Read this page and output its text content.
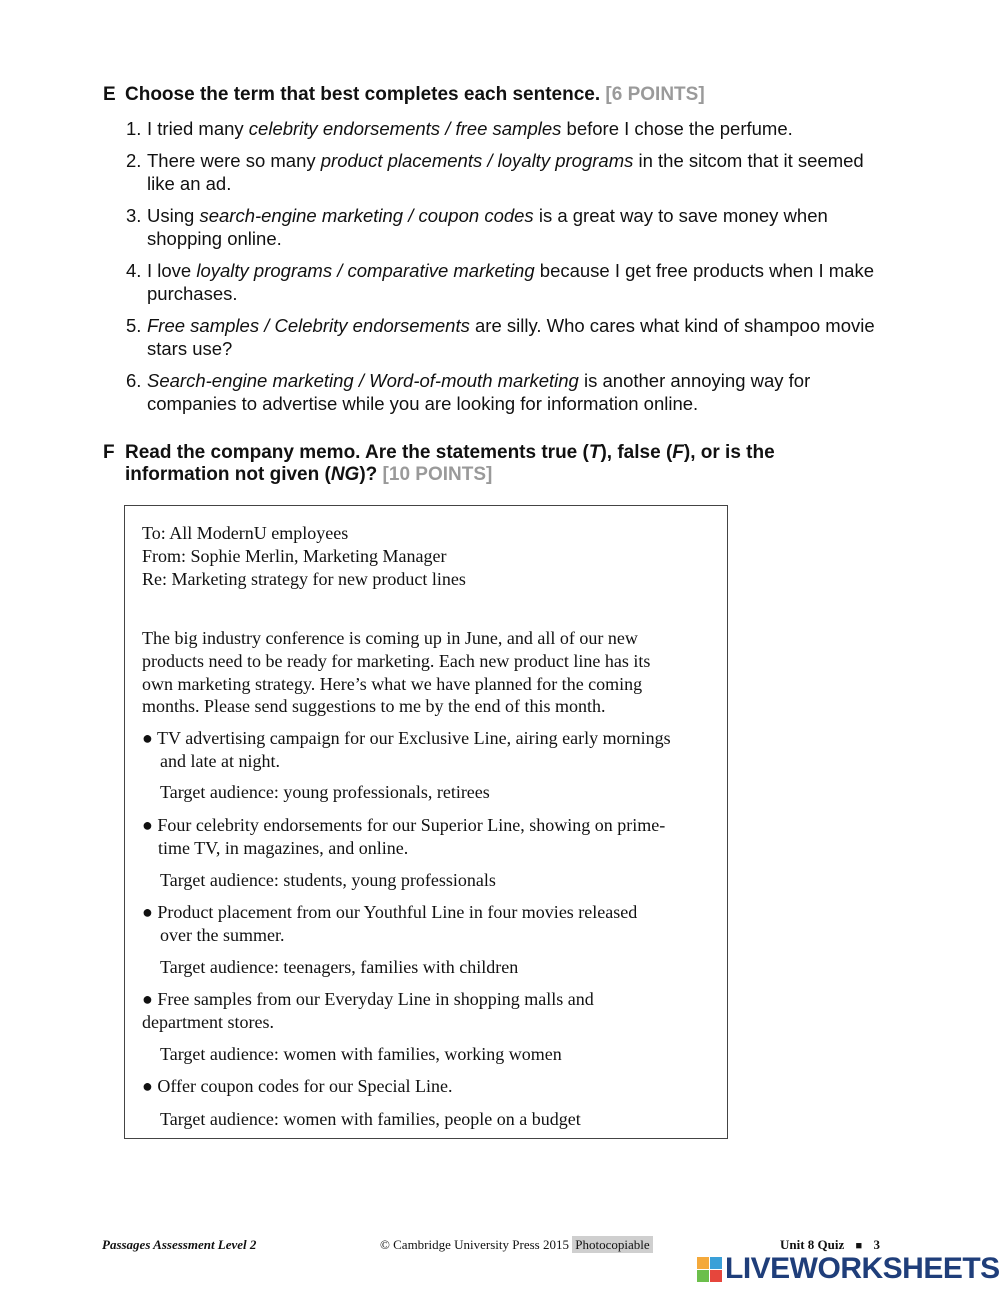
E Choose the term that best completes each sentence. [6 POINTS]
1. I tried many celebrity endorsements / free samples before I chose the perfume.
2. There were so many product placements / loyalty programs in the sitcom that it seemed like an ad.
3. Using search-engine marketing / coupon codes is a great way to save money when shopping online.
4. I love loyalty programs / comparative marketing because I get free products when I make purchases.
5. Free samples / Celebrity endorsements are silly. Who cares what kind of shampoo movie stars use?
6. Search-engine marketing / Word-of-mouth marketing is another annoying way for companies to advertise while you are looking for information online.
F Read the company memo. Are the statements true (T), false (F), or is the information not given (NG)? [10 POINTS]
To: All ModernU employees
From: Sophie Merlin, Marketing Manager
Re: Marketing strategy for new product lines
The big industry conference is coming up in June, and all of our new
products need to be ready for marketing. Each new product line has its
own marketing strategy. Here’s what we have planned for the coming
months. Please send suggestions to me by the end of this month.
● TV advertising campaign for our Exclusive Line, airing early mornings
and late at night.
Target audience: young professionals, retirees
● Four celebrity endorsements for our Superior Line, showing on prime-
time TV, in magazines, and online.
Target audience: students, young professionals
● Product placement from our Youthful Line in four movies released
over the summer.
Target audience: teenagers, families with children
● Free samples from our Everyday Line in shopping malls and
department stores.
Target audience: women with families, working women
● Offer coupon codes for our Special Line.
Target audience: women with families, people on a budget
Passages Assessment Level 2	© Cambridge University Press 2015 Photocopiable	Unit 8 Quiz ■ 3
LIVEWORKSHEETS
